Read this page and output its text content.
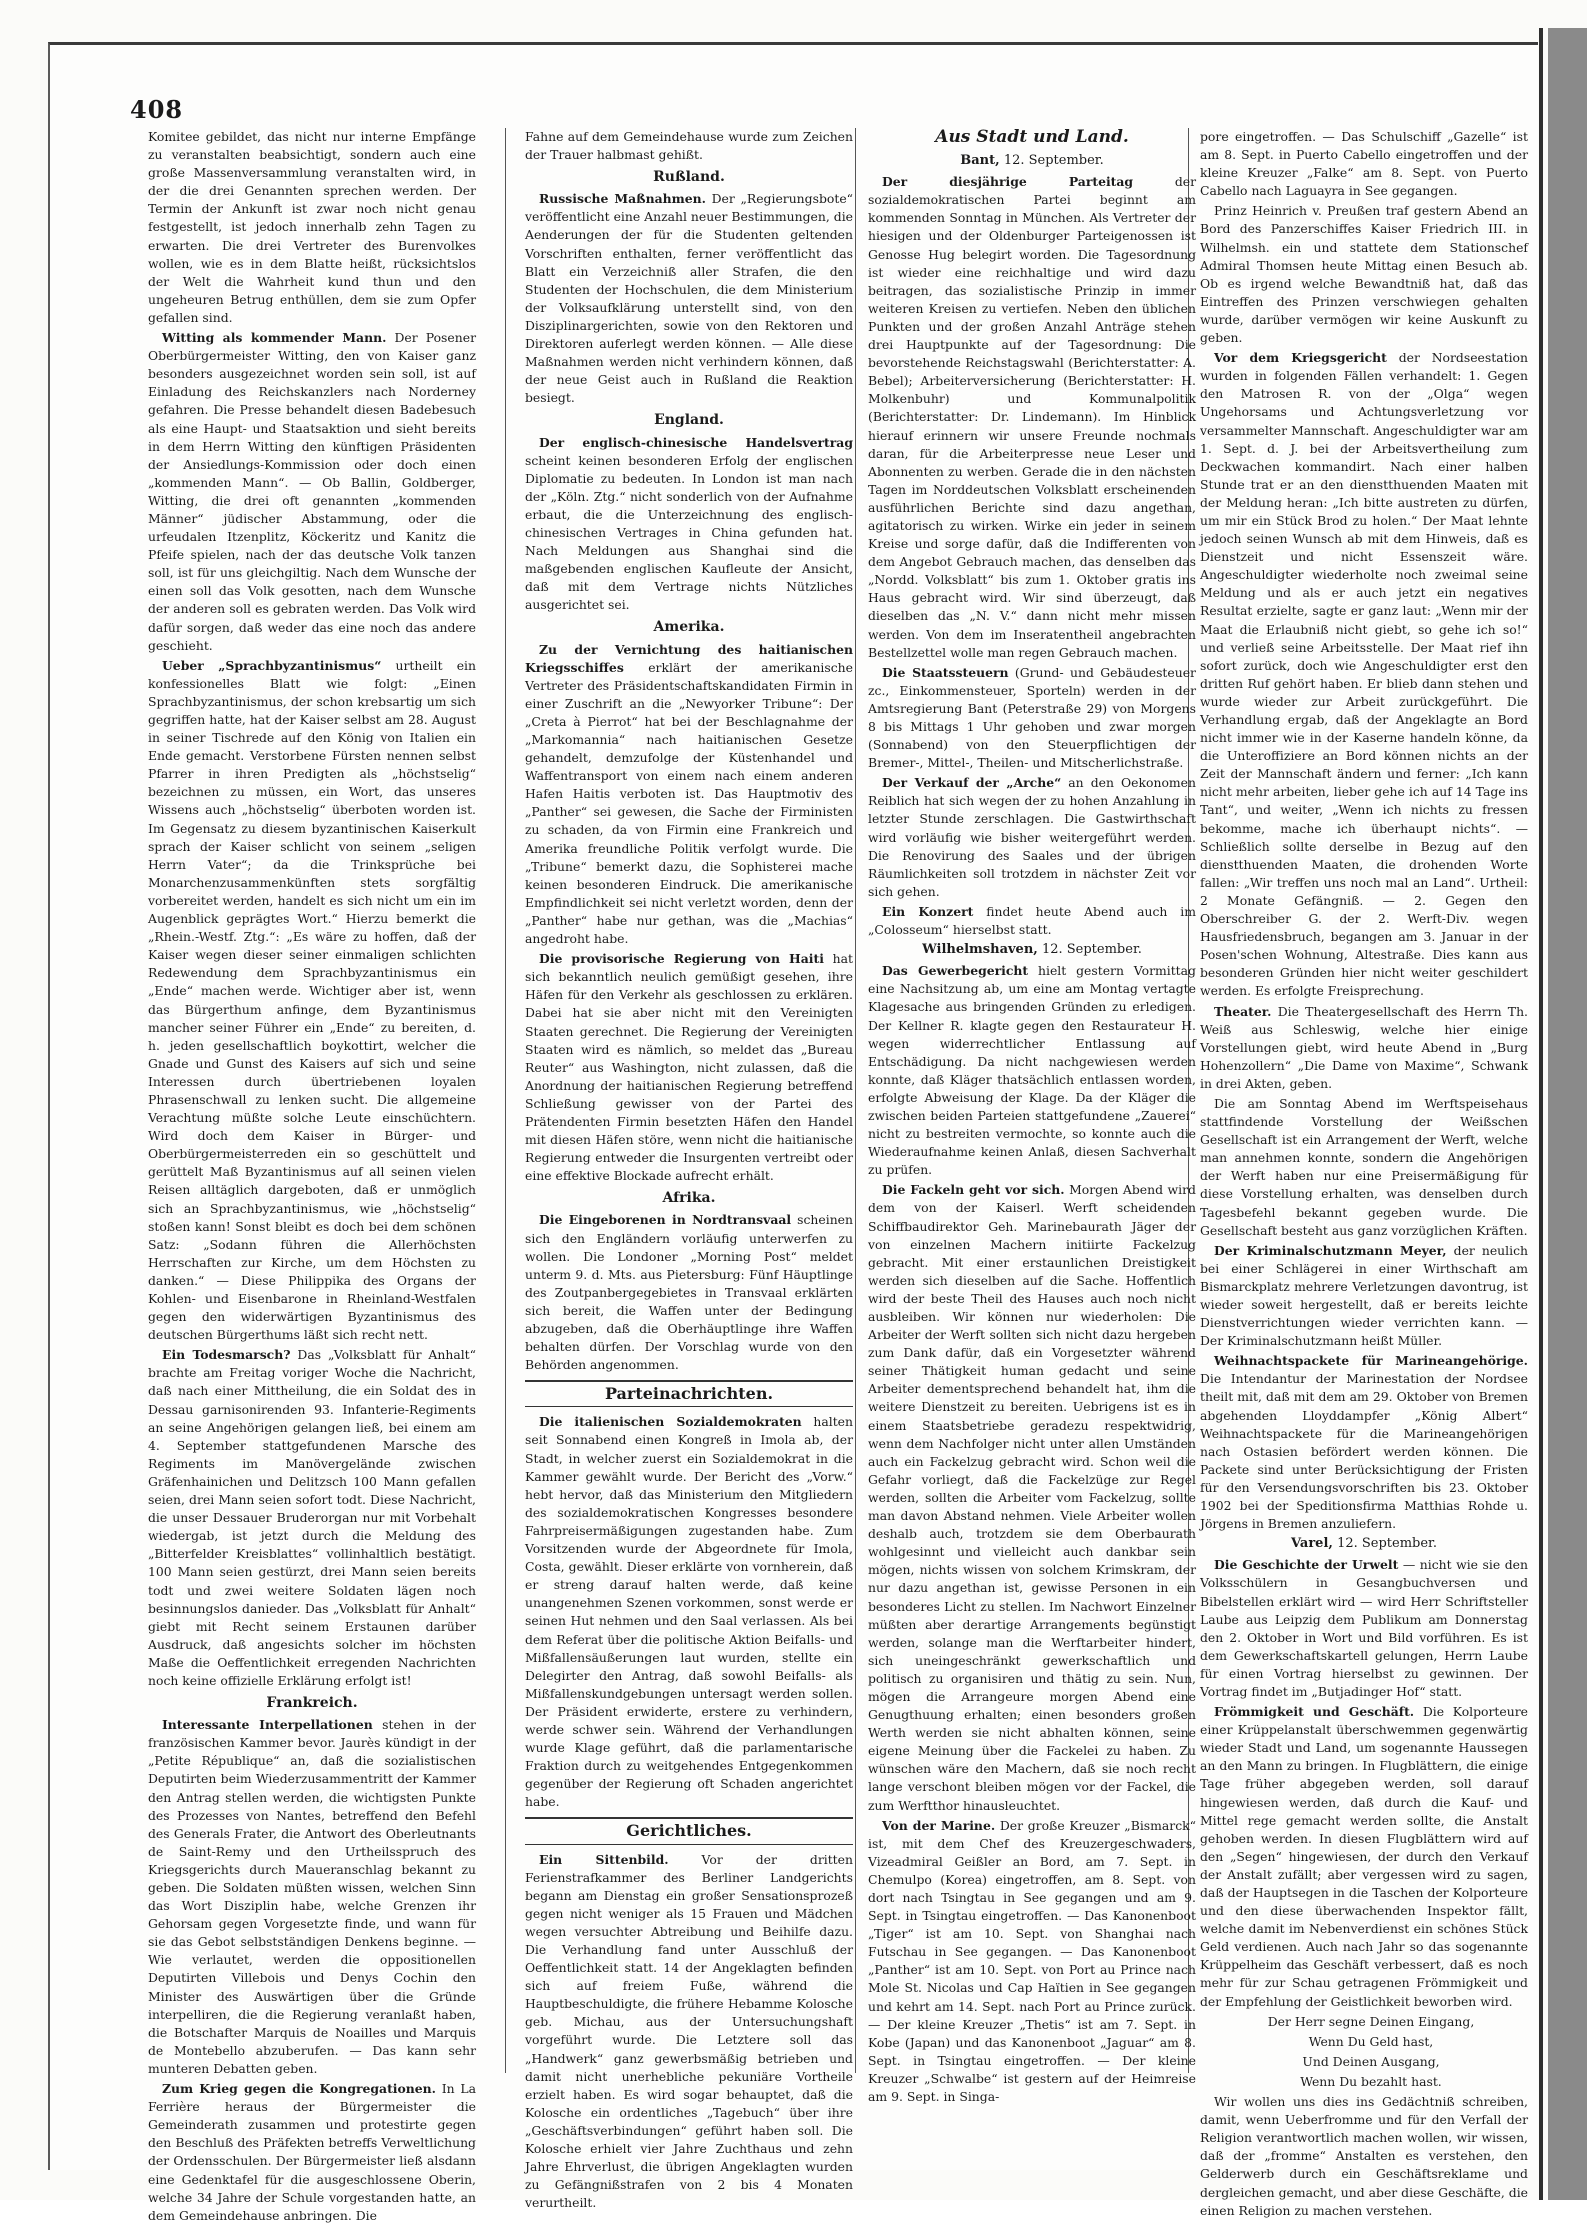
408

Komitee gebildet, das nicht nur interne Empfänge zu veranstalten beabsichtigt, sondern auch eine große Massenversammlung veranstalten wird, in der die drei Genannten sprechen werden. Der Termin der Ankunft ist zwar noch nicht genau festgestellt, ist jedoch innerhalb zehn Tagen zu erwarten. Die drei Vertreter des Burenvolkes wollen, wie es in dem Blatte heißt, rücksichtslos der Welt die Wahrheit kund thun und den ungeheuren Betrug enthüllen, dem sie zum Opfer gefallen sind.

Witting als kommender Mann. Der Posener Oberbürgermeister Witting, den von Kaiser ganz besonders ausgezeichnet worden sein soll, ist auf Einladung des Reichskanzlers nach Norderney gefahren. Die Presse behandelt diesen Badebesuch als eine Haupt- und Staatsaktion und sieht bereits in dem Herrn Witting den künftigen Präsidenten der Ansiedlungs-Kommission oder doch einen „kommenden Mann“. — Ob Ballin, Goldberger, Witting, die drei oft genannten „kommenden Männer“ jüdischer Abstammung, oder die urfeudalen Itzenplitz, Köckeritz und Kanitz die Pfeife spielen, nach der das deutsche Volk tanzen soll, ist für uns gleichgiltig. Nach dem Wunsche der einen soll das Volk gesotten, nach dem Wunsche der anderen soll es gebraten werden. Das Volk wird dafür sorgen, daß weder das eine noch das andere geschieht.

Ueber „Sprachbyzantinismus“ urtheilt ein konfessionelles Blatt wie folgt: „Einen Sprachbyzantinismus, der schon krebsartig um sich gegriffen hatte, hat der Kaiser selbst am 28. August in seiner Tischrede auf den König von Italien ein Ende gemacht. Verstorbene Fürsten nennen selbst Pfarrer in ihren Predigten als „höchstselig“ bezeichnen zu müssen, ein Wort, das unseres Wissens auch „höchstselig“ überboten worden ist. Im Gegensatz zu diesem byzantinischen Kaiserkult sprach der Kaiser schlicht von seinem „seligen Herrn Vater“; da die Trinksprüche bei Monarchenzusammenkünften stets sorgfältig vorbereitet werden, handelt es sich nicht um ein im Augenblick geprägtes Wort.“ Hierzu bemerkt die „Rhein.-Westf. Ztg.“: „Es wäre zu hoffen, daß der Kaiser wegen dieser seiner einmaligen schlichten Redewendung dem Sprachbyzantinismus ein „Ende“ machen werde. Wichtiger aber ist, wenn das Bürgerthum anfinge, dem Byzantinismus mancher seiner Führer ein „Ende“ zu bereiten, d. h. jeden gesellschaftlich boykottirt, welcher die Gnade und Gunst des Kaisers auf sich und seine Interessen durch übertriebenen loyalen Phrasenschwall zu lenken sucht. Die allgemeine Verachtung müßte solche Leute einschüchtern. Wird doch dem Kaiser in Bürger- und Oberbürgermeisterreden ein so geschüttelt und gerüttelt Maß Byzantinismus auf all seinen vielen Reisen alltäglich dargeboten, daß er unmöglich sich an Sprachbyzantinismus, wie „höchstselig“ stoßen kann! Sonst bleibt es doch bei dem schönen Satz: „Sodann führen die Allerhöchsten Herrschaften zur Kirche, um dem Höchsten zu danken.“ — Diese Philippika des Organs der Kohlen- und Eisenbarone in Rheinland-Westfalen gegen den widerwärtigen Byzantinismus des deutschen Bürgerthums läßt sich recht nett.

Ein Todesmarsch? Das „Volksblatt für Anhalt“ brachte am Freitag voriger Woche die Nachricht, daß nach einer Mittheilung, die ein Soldat des in Dessau garnisonirenden 93. Infanterie-Regiments an seine Angehörigen gelangen ließ, bei einem am 4. September stattgefundenen Marsche des Regiments im Manövergelände zwischen Gräfenhainichen und Delitzsch 100 Mann gefallen seien, drei Mann seien sofort todt. Diese Nachricht, die unser Dessauer Bruderorgan nur mit Vorbehalt wiedergab, ist jetzt durch die Meldung des „Bitterfelder Kreisblattes“ vollinhaltlich bestätigt. 100 Mann seien gestürzt, drei Mann seien bereits todt und zwei weitere Soldaten lägen noch besinnungslos danieder. Das „Volksblatt für Anhalt“ giebt mit Recht seinem Erstaunen darüber Ausdruck, daß angesichts solcher im höchsten Maße die Oeffentlichkeit erregenden Nachrichten noch keine offizielle Erklärung erfolgt ist!

Frankreich.

Interessante Interpellationen stehen in der französischen Kammer bevor. Jaurès kündigt in der „Petite République“ an, daß die sozialistischen Deputirten beim Wiederzusammentritt der Kammer den Antrag stellen werden, die wichtigsten Punkte des Prozesses von Nantes, betreffend den Befehl des Generals Frater, die Antwort des Oberleutnants de Saint-Remy und den Urtheilsspruch des Kriegsgerichts durch Maueranschlag bekannt zu geben. Die Soldaten müßten wissen, welchen Sinn das Wort Disziplin habe, welche Grenzen ihr Gehorsam gegen Vorgesetzte finde, und wann für sie das Gebot selbstständigen Denkens beginne. — Wie verlautet, werden die oppositionellen Deputirten Villebois und Denys Cochin den Minister des Auswärtigen über die Gründe interpelliren, die die Regierung veranlaßt haben, die Botschafter Marquis de Noailles und Marquis de Montebello abzuberufen. — Das kann sehr munteren Debatten geben.

Zum Krieg gegen die Kongregationen. In La Ferrière heraus der Bürgermeister die Gemeinderath zusammen und protestirte gegen den Beschluß des Präfekten betreffs Verweltlichung der Ordensschulen. Der Bürgermeister ließ alsdann eine Gedenktafel für die ausgeschlossene Oberin, welche 34 Jahre der Schule vorgestanden hatte, an dem Gemeindehause anbringen. Die

Fahne auf dem Gemeindehause wurde zum Zeichen der Trauer halbmast gehißt.

Rußland.

Russische Maßnahmen. Der „Regierungsbote“ veröffentlicht eine Anzahl neuer Bestimmungen, die Aenderungen der für die Studenten geltenden Vorschriften enthalten, ferner veröffentlicht das Blatt ein Verzeichniß aller Strafen, die den Studenten der Hochschulen, die dem Ministerium der Volksaufklärung unterstellt sind, von den Disziplinargerichten, sowie von den Rektoren und Direktoren auferlegt werden können. — Alle diese Maßnahmen werden nicht verhindern können, daß der neue Geist auch in Rußland die Reaktion besiegt.

England.

Der englisch-chinesische Handelsvertrag scheint keinen besonderen Erfolg der englischen Diplomatie zu bedeuten. In London ist man nach der „Köln. Ztg.“ nicht sonderlich von der Aufnahme erbaut, die die Unterzeichnung des englisch-chinesischen Vertrages in China gefunden hat. Nach Meldungen aus Shanghai sind die maßgebenden englischen Kaufleute der Ansicht, daß mit dem Vertrage nichts Nützliches ausgerichtet sei.

Amerika.

Zu der Vernichtung des haitianischen Kriegsschiffes erklärt der amerikanische Vertreter des Präsidentschaftskandidaten Firmin in einer Zuschrift an die „Newyorker Tribune“: Der „Creta à Pierrot“ hat bei der Beschlagnahme der „Markomannia“ nach haitianischen Gesetze gehandelt, demzufolge der Küstenhandel und Waffentransport von einem nach einem anderen Hafen Haitis verboten ist. Das Hauptmotiv des „Panther“ sei gewesen, die Sache der Firministen zu schaden, da von Firmin eine Frankreich und Amerika freundliche Politik verfolgt wurde. Die „Tribune“ bemerkt dazu, die Sophisterei mache keinen besonderen Eindruck. Die amerikanische Empfindlichkeit sei nicht verletzt worden, denn der „Panther“ habe nur gethan, was die „Machias“ angedroht habe.

Die provisorische Regierung von Haiti hat sich bekanntlich neulich gemüßigt gesehen, ihre Häfen für den Verkehr als geschlossen zu erklären. Dabei hat sie aber nicht mit den Vereinigten Staaten gerechnet. Die Regierung der Vereinigten Staaten wird es nämlich, so meldet das „Bureau Reuter“ aus Washington, nicht zulassen, daß die Anordnung der haitianischen Regierung betreffend Schließung gewisser von der Partei des Prätendenten Firmin besetzten Häfen den Handel mit diesen Häfen störe, wenn nicht die haitianische Regierung entweder die Insurgenten vertreibt oder eine effektive Blockade aufrecht erhält.

Afrika.

Die Eingeborenen in Nordtransvaal scheinen sich den Engländern vorläufig unterwerfen zu wollen. Die Londoner „Morning Post“ meldet unterm 9. d. Mts. aus Pietersburg: Fünf Häuptlinge des Zoutpanbergegebietes in Transvaal erklärten sich bereit, die Waffen unter der Bedingung abzugeben, daß die Oberhäuptlinge ihre Waffen behalten dürfen. Der Vorschlag wurde von den Behörden angenommen.

Parteinachrichten.

Die italienischen Sozialdemokraten halten seit Sonnabend einen Kongreß in Imola ab, der Stadt, in welcher zuerst ein Sozialdemokrat in die Kammer gewählt wurde. Der Bericht des „Vorw.“ hebt hervor, daß das Ministerium den Mitgliedern des sozialdemokratischen Kongresses besondere Fahrpreisermäßigungen zugestanden habe. Zum Vorsitzenden wurde der Abgeordnete für Imola, Costa, gewählt. Dieser erklärte von vornherein, daß er streng darauf halten werde, daß keine unangenehmen Szenen vorkommen, sonst werde er seinen Hut nehmen und den Saal verlassen. Als bei dem Referat über die politische Aktion Beifalls- und Mißfallensäußerungen laut wurden, stellte ein Delegirter den Antrag, daß sowohl Beifalls- als Mißfallenskundgebungen untersagt werden sollen. Der Präsident erwiderte, erstere zu verhindern, werde schwer sein. Während der Verhandlungen wurde Klage geführt, daß die parlamentarische Fraktion durch zu weitgehendes Entgegenkommen gegenüber der Regierung oft Schaden angerichtet habe.

Gerichtliches.

Ein Sittenbild.	Vor der dritten Ferienstrafkammer des Berliner Landgerichts begann am Dienstag ein großer Sensationsprozeß gegen nicht weniger als 15 Frauen und Mädchen wegen versuchter Abtreibung und Beihilfe dazu. Die Verhandlung fand unter Ausschluß der Oeffentlichkeit statt. 14 der Angeklagten befinden sich auf freiem Fuße, während die Hauptbeschuldigte, die frühere Hebamme Kolosche geb. Michau, aus der Untersuchungshaft vorgeführt wurde. Die Letztere soll das „Handwerk“ ganz gewerbsmäßig betrieben und damit nicht unerhebliche pekuniäre Vortheile erzielt haben. Es wird sogar behauptet, daß die Kolosche ein ordentliches „Tagebuch“ über ihre „Geschäftsverbindungen“ geführt haben soll. Die Kolosche erhielt vier Jahre Zuchthaus und zehn Jahre Ehrverlust, die übrigen Angeklagten wurden zu Gefängnißstrafen von 2 bis 4 Monaten verurtheilt.

Aus Stadt und Land.
Bant, 12. September.

Der diesjährige Parteitag	der sozialdemokratischen Partei beginnt am kommenden Sonntag in München. Als Vertreter der hiesigen und der Oldenburger Parteigenossen ist Genosse Hug belegirt worden. Die Tagesordnung ist wieder eine reichhaltige und wird dazu beitragen, das sozialistische Prinzip in immer weiteren Kreisen zu vertiefen. Neben den üblichen Punkten und der großen Anzahl Anträge stehen drei Hauptpunkte auf der Tagesordnung: Die bevorstehende Reichstagswahl (Berichterstatter: A. Bebel); Arbeiterversicherung (Berichterstatter: H. Molkenbuhr) und Kommunalpolitik (Berichterstatter: Dr. Lindemann). Im Hinblick hierauf erinnern wir unsere Freunde nochmals daran, für die Arbeiterpresse neue Leser und Abonnenten zu werben. Gerade die in den nächsten Tagen im Norddeutschen Volksblatt erscheinenden ausführlichen Berichte sind dazu angethan, agitatorisch zu wirken. Wirke ein jeder in seinem Kreise und sorge dafür, daß die Indifferenten von dem Angebot Gebrauch machen, das denselben das „Nordd. Volksblatt“ bis zum 1. Oktober gratis ins Haus gebracht wird. Wir sind überzeugt, daß dieselben das „N. V.“ dann nicht mehr missen werden. Von dem im Inseratentheil angebrachten Bestellzettel wolle man regen Gebrauch machen.

Die Staatssteuern (Grund- und Gebäudesteuer zc., Einkommensteuer, Sporteln) werden in der Amtsregierung Bant (Peterstraße 29) von Morgens 8 bis Mittags 1 Uhr gehoben und zwar morgen (Sonnabend) von den Steuerpflichtigen der Bremer-, Mittel-, Theilen- und Mitscherlichstraße.

Der Verkauf der „Arche“ an den Oekonomen Reiblich hat sich wegen der zu hohen Anzahlung in letzter Stunde zerschlagen. Die Gastwirthschaft wird vorläufig wie bisher weitergeführt werden. Die Renovirung des Saales und der übrigen Räumlichkeiten soll trotzdem in nächster Zeit vor sich gehen.

Ein Konzert findet heute Abend auch im „Colosseum“ hierselbst statt.

Wilhelmshaven, 12. September.

Das Gewerbegericht hielt gestern Vormittag eine Nachsitzung ab, um eine am Montag vertagte Klagesache aus bringenden Gründen zu erledigen. Der Kellner R. klagte gegen den Restaurateur H. wegen widerrechtlicher Entlassung auf Entschädigung. Da nicht nachgewiesen werden konnte, daß Kläger thatsächlich entlassen worden, erfolgte Abweisung der Klage. Da der Kläger die zwischen beiden Parteien stattgefundene „Zauerei“ nicht zu bestreiten vermochte, so konnte auch die Wiederaufnahme keinen Anlaß, diesen Sachverhalt zu prüfen.

Die Fackeln geht vor sich. Morgen Abend wird dem von der Kaiserl. Werft scheidenden Schiffbaudirektor Geh. Marinebaurath Jäger der von einzelnen Machern initiirte Fackelzug gebracht. Mit einer erstaunlichen Dreistigkeit werden sich dieselben auf die Sache. Hoffentlich wird der beste Theil des Hauses auch noch nicht ausbleiben. Wir können nur wiederholen: Die Arbeiter der Werft sollten sich nicht dazu hergeben zum Dank dafür, daß ein Vorgesetzter während seiner Thätigkeit human gedacht und seine Arbeiter dementsprechend behandelt hat, ihm die weitere Dienstzeit zu bereiten. Uebrigens ist es in einem Staatsbetriebe geradezu respektwidrig, wenn dem Nachfolger nicht unter allen Umständen auch ein Fackelzug gebracht wird. Schon weil die Gefahr vorliegt, daß die Fackelzüge zur Regel werden, sollten die Arbeiter vom Fackelzug, sollte man davon Abstand nehmen. Viele Arbeiter wollen deshalb auch, trotzdem sie dem Oberbaurath wohlgesinnt und vielleicht auch dankbar sein mögen, nichts wissen von solchem Krimskram, der nur dazu angethan ist, gewisse Personen in ein besonderes Licht zu stellen. Im Nachwort Einzelner müßten aber derartige Arrangements begünstigt werden, solange man die Werftarbeiter hindert, sich uneingeschränkt gewerkschaftlich und politisch zu organisiren und thätig zu sein. Nun, mögen die Arrangeure morgen Abend eine Genugthuung erhalten; einen besonders großen Werth werden sie nicht abhalten können, seine eigene Meinung über die Fackelei zu haben. Zu wünschen wäre den Machern, daß sie noch recht lange verschont bleiben mögen vor der Fackel, die zum Werftthor hinausleuchtet.

Von der Marine. Der große Kreuzer „Bismarck“ ist, mit dem Chef des Kreuzergeschwaders, Vizeadmiral Geißler an Bord, am 7. Sept. in Chemulpo (Korea) eingetroffen, am 8. Sept. von dort nach Tsingtau in See gegangen und am 9. Sept. in Tsingtau eingetroffen. — Das Kanonenboot „Tiger“ ist am 10. Sept. von Shanghai nach Futschau in See gegangen. — Das Kanonenboot „Panther“ ist am 10. Sept. von Port au Prince nach Mole St. Nicolas und Cap Haïtien in See gegangen und kehrt am 14. Sept. nach Port au Prince zurück. — Der kleine Kreuzer „Thetis“ ist am 7. Sept. in Kobe (Japan) und das Kanonenboot „Jaguar“ am 8. Sept. in Tsingtau eingetroffen. — Der kleine Kreuzer „Schwalbe“ ist gestern auf der Heimreise am 9. Sept. in Singa-

pore eingetroffen. — Das Schulschiff „Gazelle“ ist am 8. Sept. in Puerto Cabello eingetroffen und der kleine Kreuzer „Falke“ am 8. Sept. von Puerto Cabello nach Laguayra in See gegangen.

Prinz Heinrich v. Preußen traf gestern Abend an Bord des Panzerschiffes Kaiser Friedrich III. in Wilhelmsh. ein und stattete dem Stationschef Admiral Thomsen heute Mittag einen Besuch ab. Ob es irgend welche Bewandtniß hat, daß das Eintreffen des Prinzen verschwiegen gehalten wurde, darüber vermögen wir keine Auskunft zu geben.

Vor dem Kriegsgericht der Nordseestation wurden in folgenden Fällen verhandelt: 1. Gegen den Matrosen R. von der „Olga“ wegen Ungehorsams und Achtungsverletzung vor versammelter Mannschaft. Angeschuldigter war am 1. Sept. d. J. bei der Arbeitsvertheilung zum Deckwachen kommandirt. Nach einer halben Stunde trat er an den dienstthuenden Maaten mit der Meldung heran: „Ich bitte austreten zu dürfen, um mir ein Stück Brod zu holen.“ Der Maat lehnte jedoch seinen Wunsch ab mit dem Hinweis, daß es Dienstzeit und nicht Essenszeit wäre. Angeschuldigter wiederholte noch zweimal seine Meldung und als er auch jetzt ein negatives Resultat erzielte, sagte er ganz laut: „Wenn mir der Maat die Erlaubniß nicht giebt, so gehe ich so!“ und verließ seine Arbeitsstelle. Der Maat rief ihn sofort zurück, doch wie Angeschuldigter erst den dritten Ruf gehört haben. Er blieb dann stehen und wurde wieder zur Arbeit zurückgeführt. Die Verhandlung ergab, daß der Angeklagte an Bord nicht immer wie in der Kaserne handeln könne, da die Unteroffiziere an Bord können nichts an der Zeit der Mannschaft ändern und ferner: „Ich kann nicht mehr arbeiten, lieber gehe ich auf 14 Tage ins Tant“, und weiter, „Wenn ich nichts zu fressen bekomme, mache ich überhaupt nichts“. — Schließlich sollte derselbe in Bezug auf den dienstthuenden Maaten, die drohenden Worte fallen: „Wir treffen uns noch mal an Land“. Urtheil: 2 Monate Gefängniß. — 2. Gegen den Oberschreiber G. der 2. Werft-Div. wegen Hausfriedensbruch, begangen am 3. Januar in der Posen'schen Wohnung, Altestraße. Dies kann aus besonderen Gründen hier nicht weiter geschildert werden. Es erfolgte Freisprechung.

Theater. Die Theatergesellschaft des Herrn Th. Weiß aus Schleswig, welche hier einige Vorstellungen giebt, wird heute Abend in „Burg Hohenzollern“ „Die Dame von Maxime“, Schwank in drei Akten, geben.

Die am Sonntag Abend im Werftspeisehaus stattfindende Vorstellung der Weißschen Gesellschaft ist ein Arrangement der Werft, welche man annehmen konnte, sondern die Angehörigen der Werft haben nur eine Preisermäßigung für diese Vorstellung erhalten, was denselben durch Tagesbefehl bekannt gegeben wurde. Die Gesellschaft besteht aus ganz vorzüglichen Kräften.

Der Kriminalschutzmann Meyer, der neulich bei einer Schlägerei in einer Wirthschaft am Bismarckplatz mehrere Verletzungen davontrug, ist wieder soweit hergestellt, daß er bereits leichte Dienstverrichtungen wieder verrichten kann. — Der Kriminalschutzmann heißt Müller.

Weihnachtspackete für Marineangehörige. Die Intendantur der Marinestation der Nordsee theilt mit, daß mit dem am 29. Oktober von Bremen abgehenden Lloyddampfer „König Albert“ Weihnachtspackete für die Marineangehörigen nach Ostasien befördert werden können. Die Packete sind unter Berücksichtigung der Fristen für den Versendungsvorschriften bis 23. Oktober 1902 bei der Speditionsfirma Matthias Rohde u. Jörgens in Bremen anzuliefern.

Varel, 12. September.

Die Geschichte der Urwelt — nicht wie sie den Volksschülern in Gesangbuchversen und Bibelstellen erklärt wird — wird Herr Schriftsteller Laube aus Leipzig dem Publikum am Donnerstag den 2. Oktober in Wort und Bild vorführen. Es ist dem Gewerkschaftskartell gelungen, Herrn Laube für einen Vortrag hierselbst zu gewinnen. Der Vortrag findet im „Butjadinger Hof“ statt.

Frömmigkeit und Geschäft. Die Kolporteure einer Krüppelanstalt überschwemmen gegenwärtig wieder Stadt und Land, um sogenannte Haussegen an den Mann zu bringen. In Flugblättern, die einige Tage früher abgegeben werden, soll darauf hingewiesen werden, daß durch die Kauf- und Mittel rege gemacht werden sollte, die Anstalt gehoben werden. In diesen Flugblättern wird auf den „Segen“ hingewiesen, der durch den Verkauf der Anstalt zufällt; aber vergessen wird zu sagen, daß der Hauptsegen in die Taschen der Kolporteure und den diese überwachenden Inspektor fällt, welche damit im Nebenverdienst ein schönes Stück Geld verdienen. Auch nach Jahr so das sogenannte Krüppelheim das Geschäft verbessert, daß es noch mehr für zur Schau getragenen Frömmigkeit und der Empfehlung der Geistlichkeit beworben wird.

Der Herr segne Deinen Eingang,

Wenn Du Geld hast,

Und Deinen Ausgang,

Wenn Du bezahlt hast.

Wir wollen uns dies ins Gedächtniß schreiben, damit, wenn Ueberfromme und für den Verfall der Religion verantwortlich machen wollen, wir wissen, daß der „fromme“ Anstalten es verstehen, den Gelderwerb durch ein Geschäftsreklame und dergleichen gemacht, und aber diese Geschäfte, die einen Religion zu machen verstehen.
